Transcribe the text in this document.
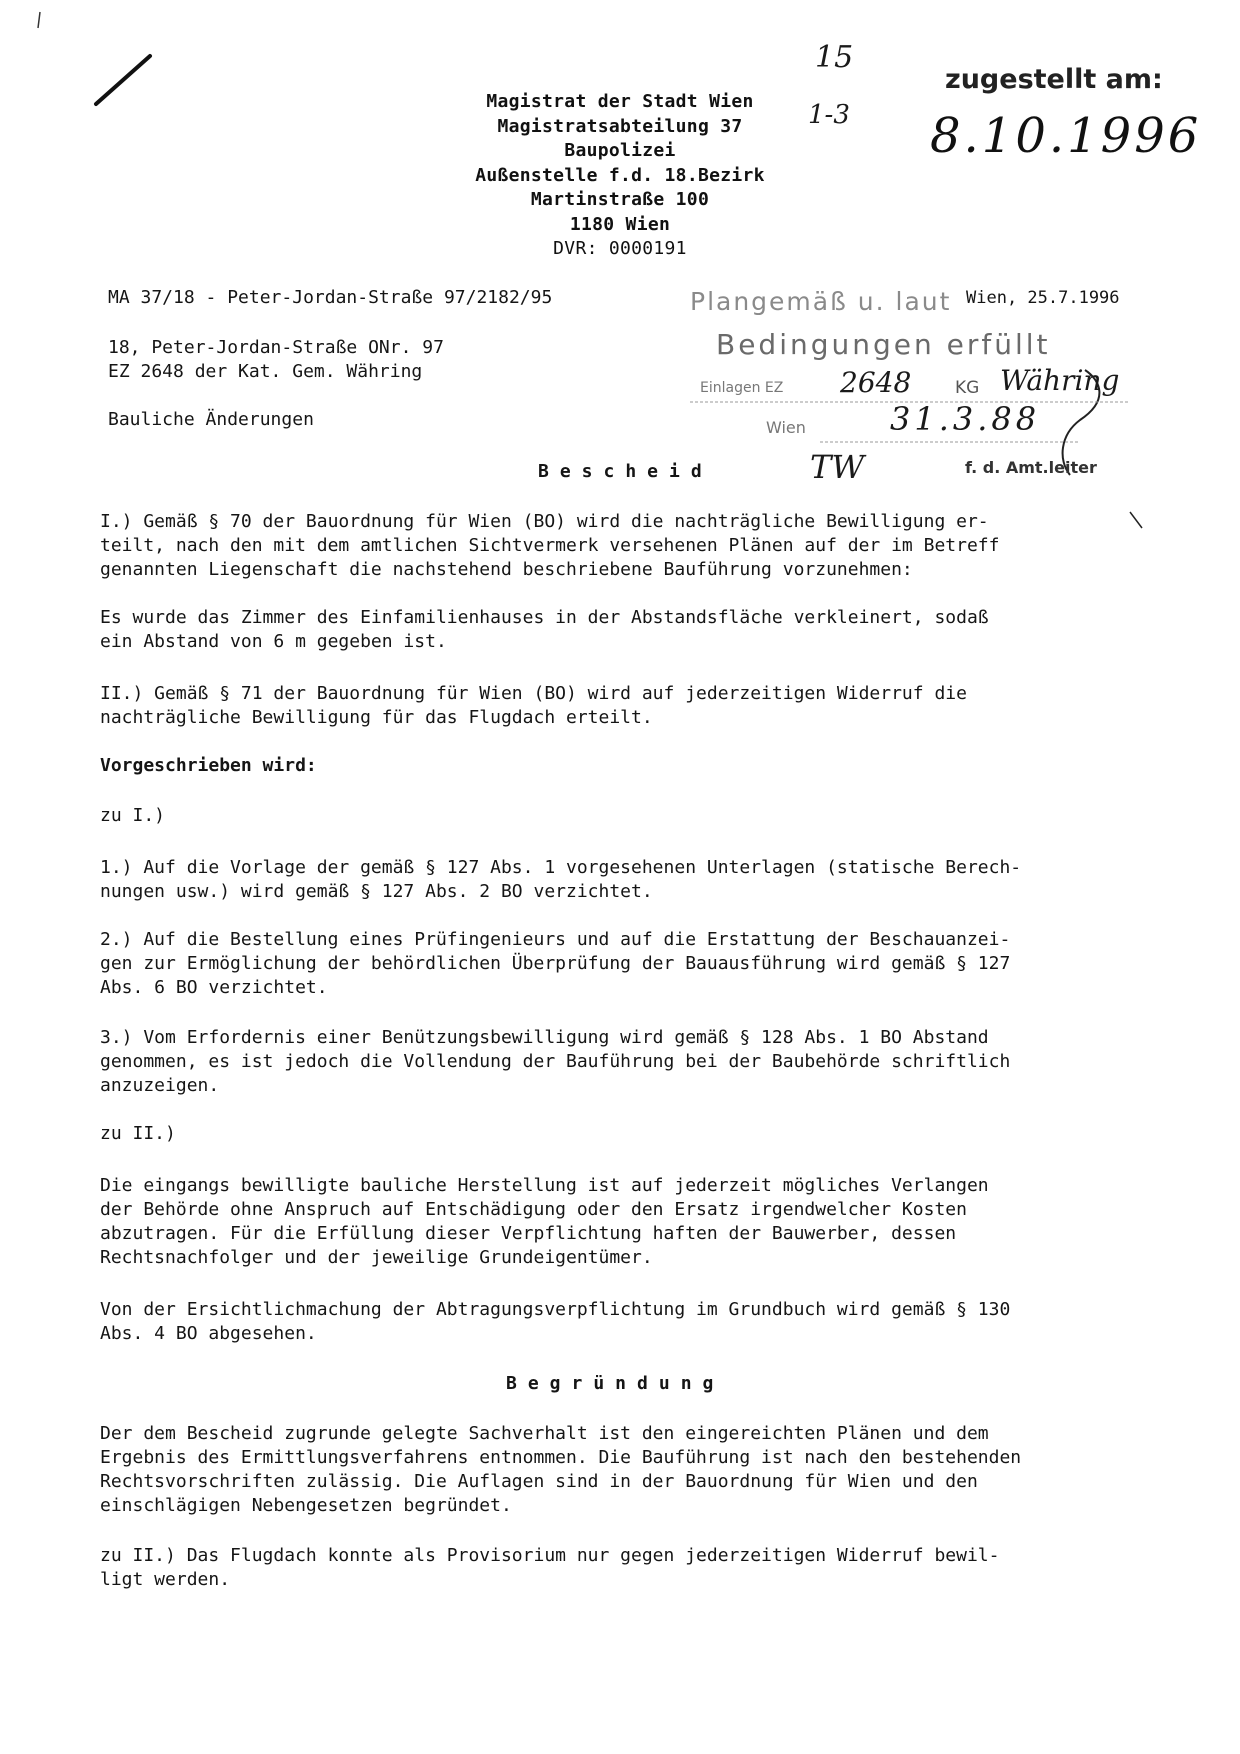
Magistrat der Stadt Wien
Magistratsabteilung 37
Baupolizei
Außenstelle f.d. 18.Bezirk
Martinstraße 100
1180 Wien
DVR: 0000191
15
1-3
zugestellt am:
8.10.1996
MA 37/18 - Peter-Jordan-Straße 97/2182/95	Wien, 25.7.1996
Plangemäß u. laut
Bedingungen erfüllt
Einlagen EZ 2648	KG Währing
Wien	31.3.88
18, Peter-Jordan-Straße ONr. 97
EZ 2648 der Kat. Gem. Währing
Bauliche Änderungen
Bescheid	TW	f. d. Amt.leiter
I.) Gemäß § 70 der Bauordnung für Wien (BO) wird die nachträgliche Bewilligung er-
teilt, nach den mit dem amtlichen Sichtvermerk versehenen Plänen auf der im Betreff
genannten Liegenschaft die nachstehend beschriebene Bauführung vorzunehmen:
Es wurde das Zimmer des Einfamilienhauses in der Abstandsfläche verkleinert, sodaß
ein Abstand von 6 m gegeben ist.
II.) Gemäß § 71 der Bauordnung für Wien (BO) wird auf jederzeitigen Widerruf die
nachträgliche Bewilligung für das Flugdach erteilt.
Vorgeschrieben wird:
zu I.)
1.) Auf die Vorlage der gemäß § 127 Abs. 1 vorgesehenen Unterlagen (statische Berech-
nungen usw.) wird gemäß § 127 Abs. 2 BO verzichtet.
2.) Auf die Bestellung eines Prüfingenieurs und auf die Erstattung der Beschauanzei-
gen zur Ermöglichung der behördlichen Überprüfung der Bauausführung wird gemäß § 127
Abs. 6 BO verzichtet.
3.) Vom Erfordernis einer Benützungsbewilligung wird gemäß § 128 Abs. 1 BO Abstand
genommen, es ist jedoch die Vollendung der Bauführung bei der Baubehörde schriftlich
anzuzeigen.
zu II.)
Die eingangs bewilligte bauliche Herstellung ist auf jederzeit mögliches Verlangen
der Behörde ohne Anspruch auf Entschädigung oder den Ersatz irgendwelcher Kosten
abzutragen. Für die Erfüllung dieser Verpflichtung haften der Bauwerber, dessen
Rechtsnachfolger und der jeweilige Grundeigentümer.
Von der Ersichtlichmachung der Abtragungsverpflichtung im Grundbuch wird gemäß § 130
Abs. 4 BO abgesehen.
Begründung
Der dem Bescheid zugrunde gelegte Sachverhalt ist den eingereichten Plänen und dem
Ergebnis des Ermittlungsverfahrens entnommen. Die Bauführung ist nach den bestehenden
Rechtsvorschriften zulässig. Die Auflagen sind in der Bauordnung für Wien und den
einschlägigen Nebengesetzen begründet.
zu II.) Das Flugdach konnte als Provisorium nur gegen jederzeitigen Widerruf bewil-
ligt werden.
